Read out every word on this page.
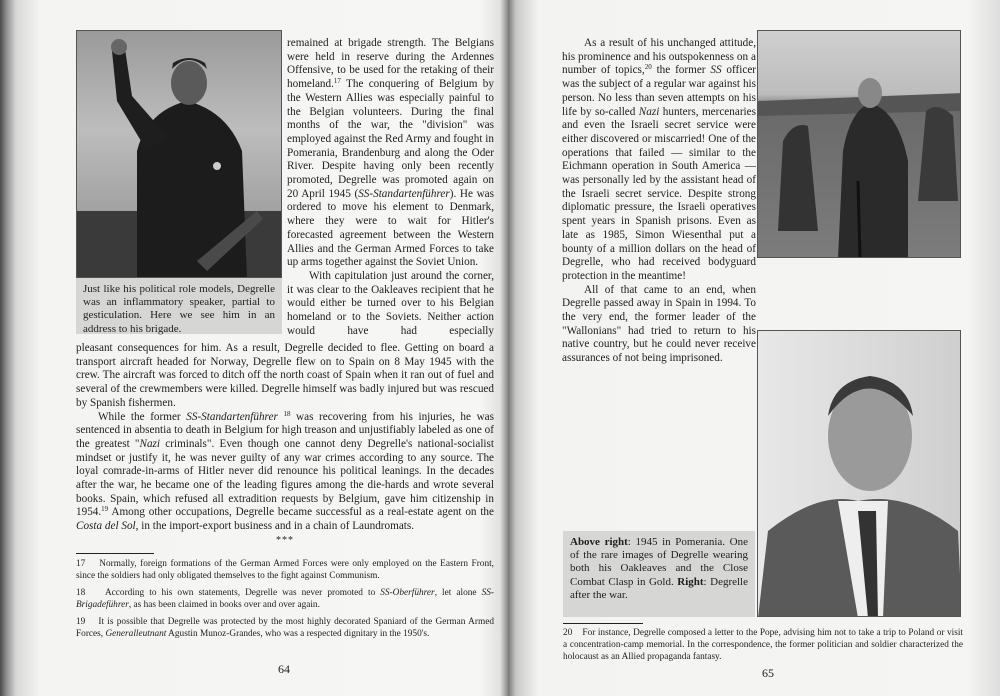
Just like his political role models, Degrelle was an inflammatory speaker, partial to gesticulation. Here we see him in an address to his brigade.

remained at brigade strength. The Belgians were held in reserve during the Ardennes Offensive, to be used for the retaking of their homeland.$^{17}$ The conquering of Belgium by the Western Allies was especially painful to the Belgian volunteers. During the final months of the war, the "division" was employed against the Red Army and fought in Pomerania, Brandenburg and along the Oder River. Despite having only been recently promoted, Degrelle was promoted again on 20 April 1945 (SS-Standartenführer). He was ordered to move his element to Denmark, where they were to wait for Hitler's forecasted agreement between the Western Allies and the German Armed Forces to take up arms together against the Soviet Union.

With capitulation just around the corner, it was clear to the Oakleaves recipient that he would either be turned over to his Belgian homeland or to the Soviets. Neither action would have had especially

pleasant consequences for him. As a result, Degrelle decided to flee. Getting on board a transport aircraft headed for Norway, Degrelle flew on to Spain on 8 May 1945 with the crew. The aircraft was forced to ditch off the north coast of Spain when it ran out of fuel and several of the crewmembers were killed. Degrelle himself was badly injured but was rescued by Spanish fishermen.

While the former SS-Standartenführer $^{18}$ was recovering from his injuries, he was sentenced in absentia to death in Belgium for high treason and unjustifiably labeled as one of the greatest "Nazi criminals". Even though one cannot deny Degrelle's national-socialist mindset or justify it, he was never guilty of any war crimes according to any source. The loyal comrade-in-arms of Hitler never did renounce his political leanings. In the decades after the war, he became one of the leading figures among the die-hards and wrote several books. Spain, which refused all extradition requests by Belgium, gave him citizenship in 1954.19 Among other occupations, Degrelle became successful as a real-estate agent on the Costa del Sol, in the import-export business and in a chain of Laundromats.

***

17    Normally, foreign formations of the German Armed Forces were only employed on the Eastern Front, since the soldiers had only obligated themselves to the fight against Communism.

18    According to his own statements, Degrelle was never promoted to SS-Oberführer, let alone SS-Brigadeführer, as has been claimed in books over and over again.

19    It is possible that Degrelle was protected by the most highly decorated Spaniard of the German Armed Forces, Generalleutnant Agustin Munoz-Grandes, who was a respected dignitary in the 1950's.

64

As a result of his unchanged attitude, his prominence and his outspokenness on a number of topics,$^{20}$ the former SS officer was the subject of a regular war against his person. No less than seven attempts on his life by so-called Nazi hunters, mercenaries and even the Israeli secret service were either discovered or miscarried! One of the operations that failed — similar to the Eichmann operation in South America — was personally led by the assistant head of the Israeli secret service. Despite strong diplomatic pressure, the Israeli operatives spent years in Spanish prisons. Even as late as 1985, Simon Wiesenthal put a bounty of a million dollars on the head of Degrelle, who had received bodyguard protection in the meantime!

All of that came to an end, when Degrelle passed away in Spain in 1994. To the very end, the former leader of the "Wallonians" had tried to return to his native country, but he could never receive assurances of not being imprisoned.

Above right: 1945 in Pomerania. One of the rare images of Degrelle wearing both his Oakleaves and the Close Combat Clasp in Gold. Right: Degrelle after the war.

20    For instance, Degrelle composed a letter to the Pope, advising him not to take a trip to Poland or visit a concentration-camp memorial. In the correspondence, the former politician and soldier characterized the holocaust as an Allied propaganda fantasy.

65
